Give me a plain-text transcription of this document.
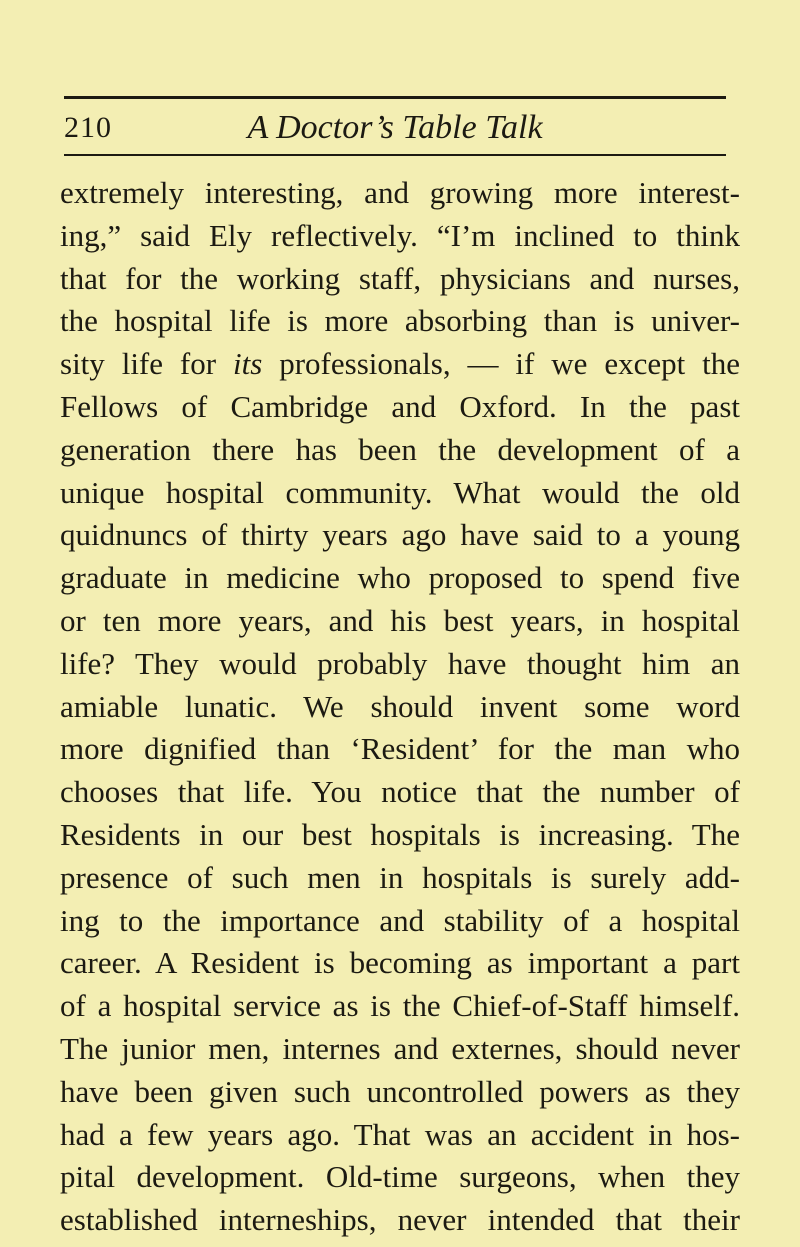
210	A Doctor’s Table Talk
extremely interesting, and growing more interest-
ing,” said Ely reflectively. “I’m inclined to think
that for the working staff, physicians and nurses,
the hospital life is more absorbing than is univer-
sity life for its professionals, — if we except the
Fellows of Cambridge and Oxford. In the past
generation there has been the development of a
unique hospital community. What would the old
quidnuncs of thirty years ago have said to a young
graduate in medicine who proposed to spend five
or ten more years, and his best years, in hospital
life? They would probably have thought him an
amiable lunatic. We should invent some word
more dignified than ‘Resident’ for the man who
chooses that life. You notice that the number of
Residents in our best hospitals is increasing. The
presence of such men in hospitals is surely add-
ing to the importance and stability of a hospital
career. A Resident is becoming as important a part
of a hospital service as is the Chief-of-Staff himself.
The junior men, internes and externes, should never
have been given such uncontrolled powers as they
had a few years ago. That was an accident in hos-
pital development. Old-time surgeons, when they
established interneships, never intended that their
